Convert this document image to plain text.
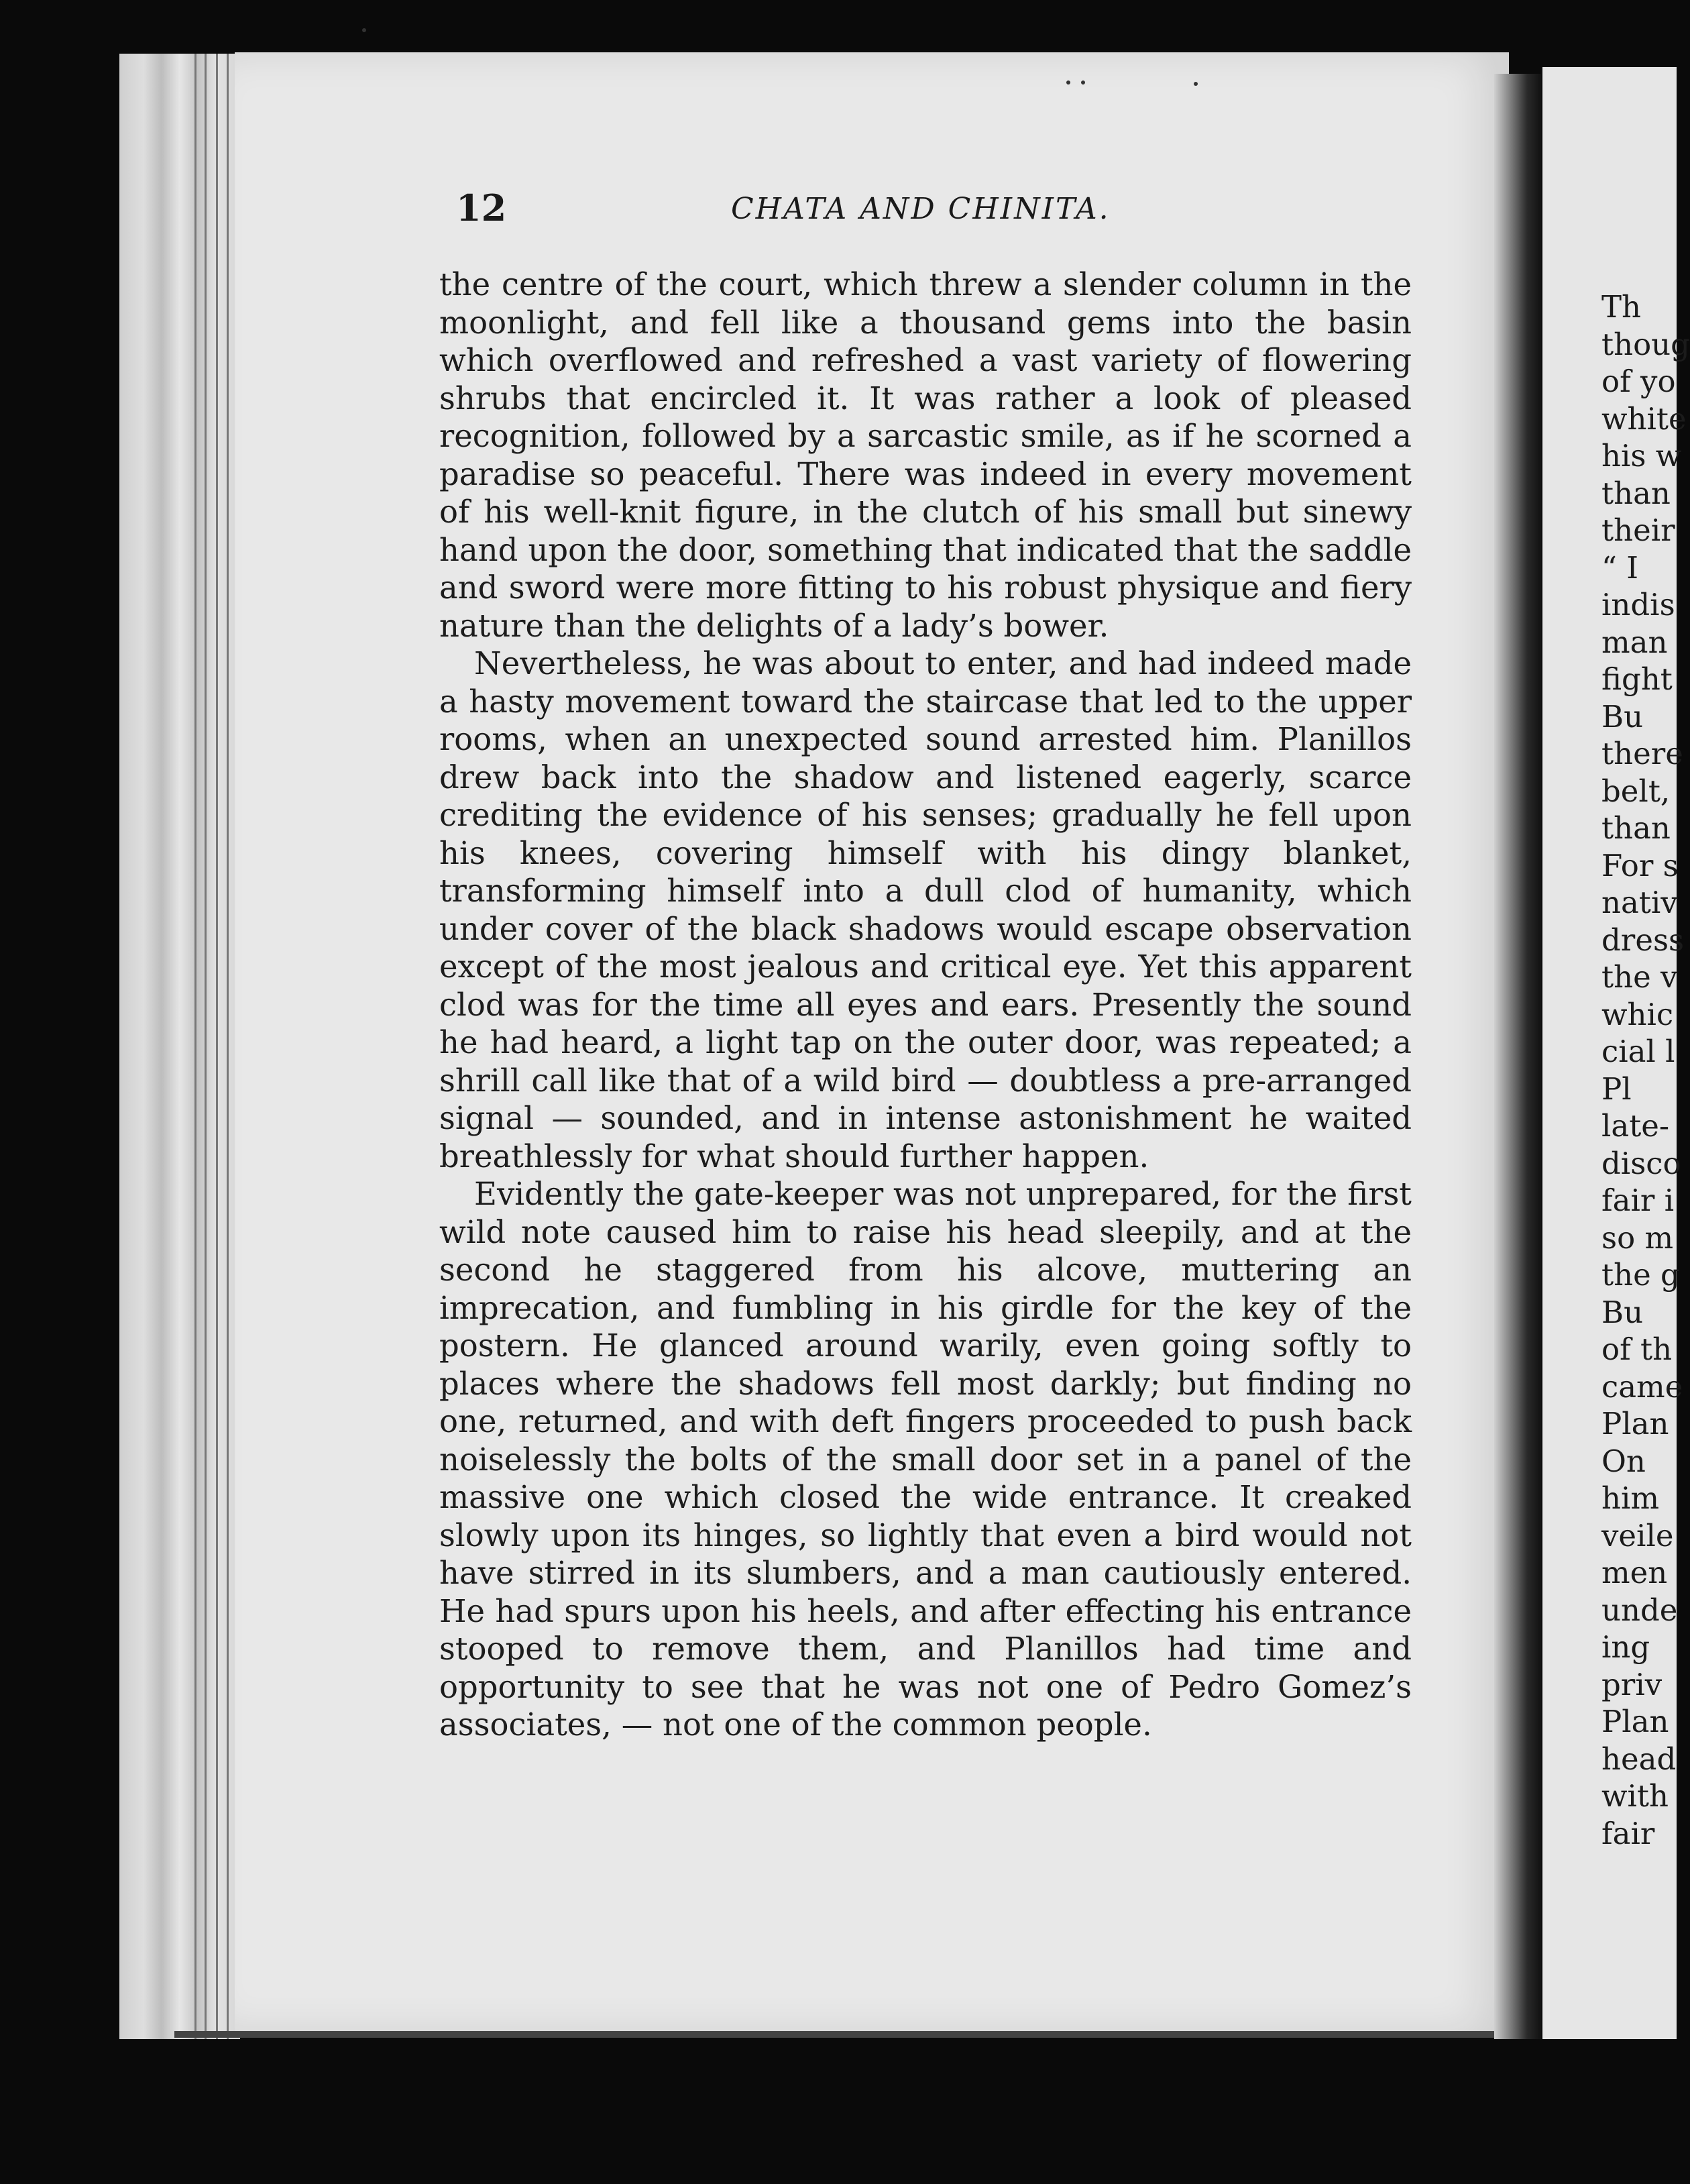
Th
thoug
of yo
white
his w
than
their
“ I
indis
man
fight
Bu
there
belt,
than
For s
nativ
dress
the v
whic
cial l
Pl
late-
disco
fair i
so m
the g
Bu
of th
came
Plan
On
him
veile
men
unde
ing
priv
Plan
head
with
fair
12	CHATA AND CHINITA.

the centre of the court, which threw a slender column in the moonlight, and fell like a thousand gems into the basin which overflowed and refreshed a vast variety of flowering shrubs that encircled it. It was rather a look of pleased recognition, followed by a sarcastic smile, as if he scorned a paradise so peaceful. There was indeed in every movement of his well-knit figure, in the clutch of his small but sinewy hand upon the door, something that indicated that the saddle and sword were more fitting to his robust physique and fiery nature than the delights of a lady’s bower.

Nevertheless, he was about to enter, and had indeed made a hasty movement toward the staircase that led to the upper rooms, when an unexpected sound arrested him. Planillos drew back into the shadow and listened eagerly, scarce crediting the evidence of his senses; gradually he fell upon his knees, covering himself with his dingy blanket, transforming himself into a dull clod of humanity, which under cover of the black shadows would escape observation except of the most jealous and critical eye. Yet this apparent clod was for the time all eyes and ears. Presently the sound he had heard, a light tap on the outer door, was repeated; a shrill call like that of a wild bird — doubtless a pre-arranged signal — sounded, and in intense astonishment he waited breathlessly for what should further happen.

Evidently the gate-keeper was not unprepared, for the first wild note caused him to raise his head sleepily, and at the second he staggered from his alcove, muttering an imprecation, and fumbling in his girdle for the key of the postern. He glanced around warily, even going softly to places where the shadows fell most darkly; but finding no one, returned, and with deft fingers proceeded to push back noiselessly the bolts of the small door set in a panel of the massive one which closed the wide entrance. It creaked slowly upon its hinges, so lightly that even a bird would not have stirred in its slumbers, and a man cautiously entered. He had spurs upon his heels, and after effecting his entrance stooped to remove them, and Planillos had time and opportunity to see that he was not one of Pedro Gomez’s associates, — not one of the common people.
